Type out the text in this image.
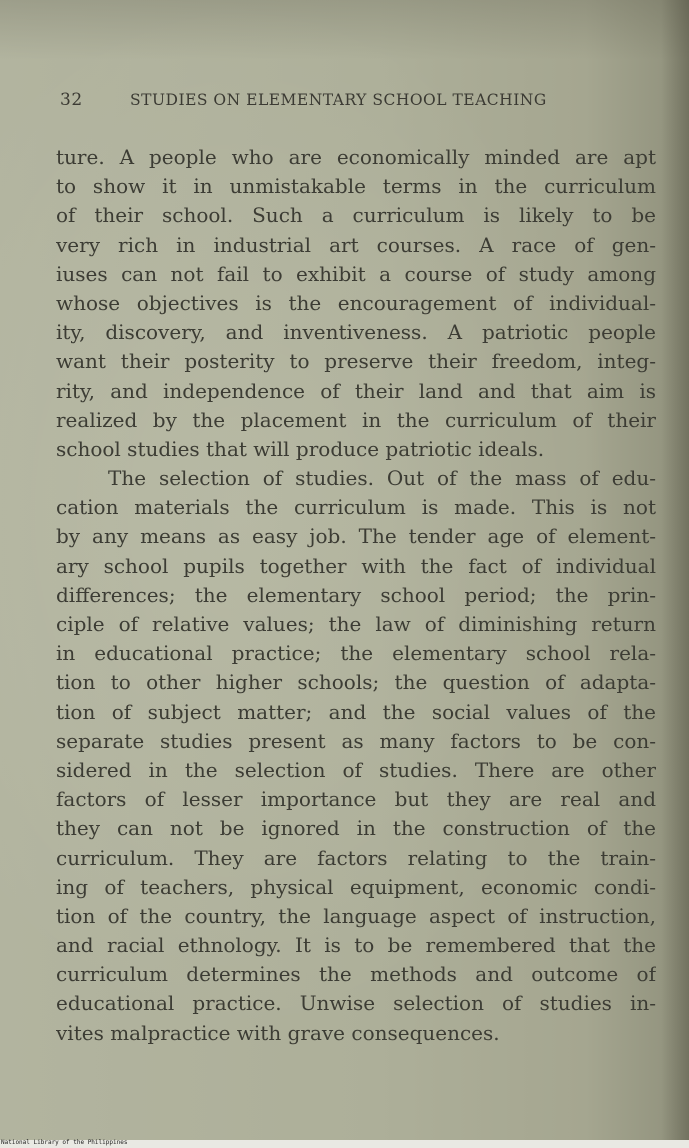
32	STUDIES ON ELEMENTARY SCHOOL TEACHING
ture. A people who are economically minded are apt
to show it in unmistakable terms in the curriculum
of their school. Such a curriculum is likely to be
very rich in industrial art courses. A race of gen-
iuses can not fail to exhibit a course of study among
whose objectives is the encouragement of individual-
ity, discovery, and inventiveness. A patriotic people
want their posterity to preserve their freedom, integ-
rity, and independence of their land and that aim is
realized by the placement in the curriculum of their
school studies that will produce patriotic ideals.
The selection of studies. Out of the mass of edu-
cation materials the curriculum is made. This is not
by any means as easy job. The tender age of element-
ary school pupils together with the fact of individual
differences; the elementary school period; the prin-
ciple of relative values; the law of diminishing return
in educational practice; the elementary school rela-
tion to other higher schools; the question of adapta-
tion of subject matter; and the social values of the
separate studies present as many factors to be con-
sidered in the selection of studies. There are other
factors of lesser importance but they are real and
they can not be ignored in the construction of the
curriculum. They are factors relating to the train-
ing of teachers, physical equipment, economic condi-
tion of the country, the language aspect of instruction,
and racial ethnology. It is to be remembered that the
curriculum determines the methods and outcome of
educational practice. Unwise selection of studies in-
vites malpractice with grave consequences.
National Library of the Philippines
